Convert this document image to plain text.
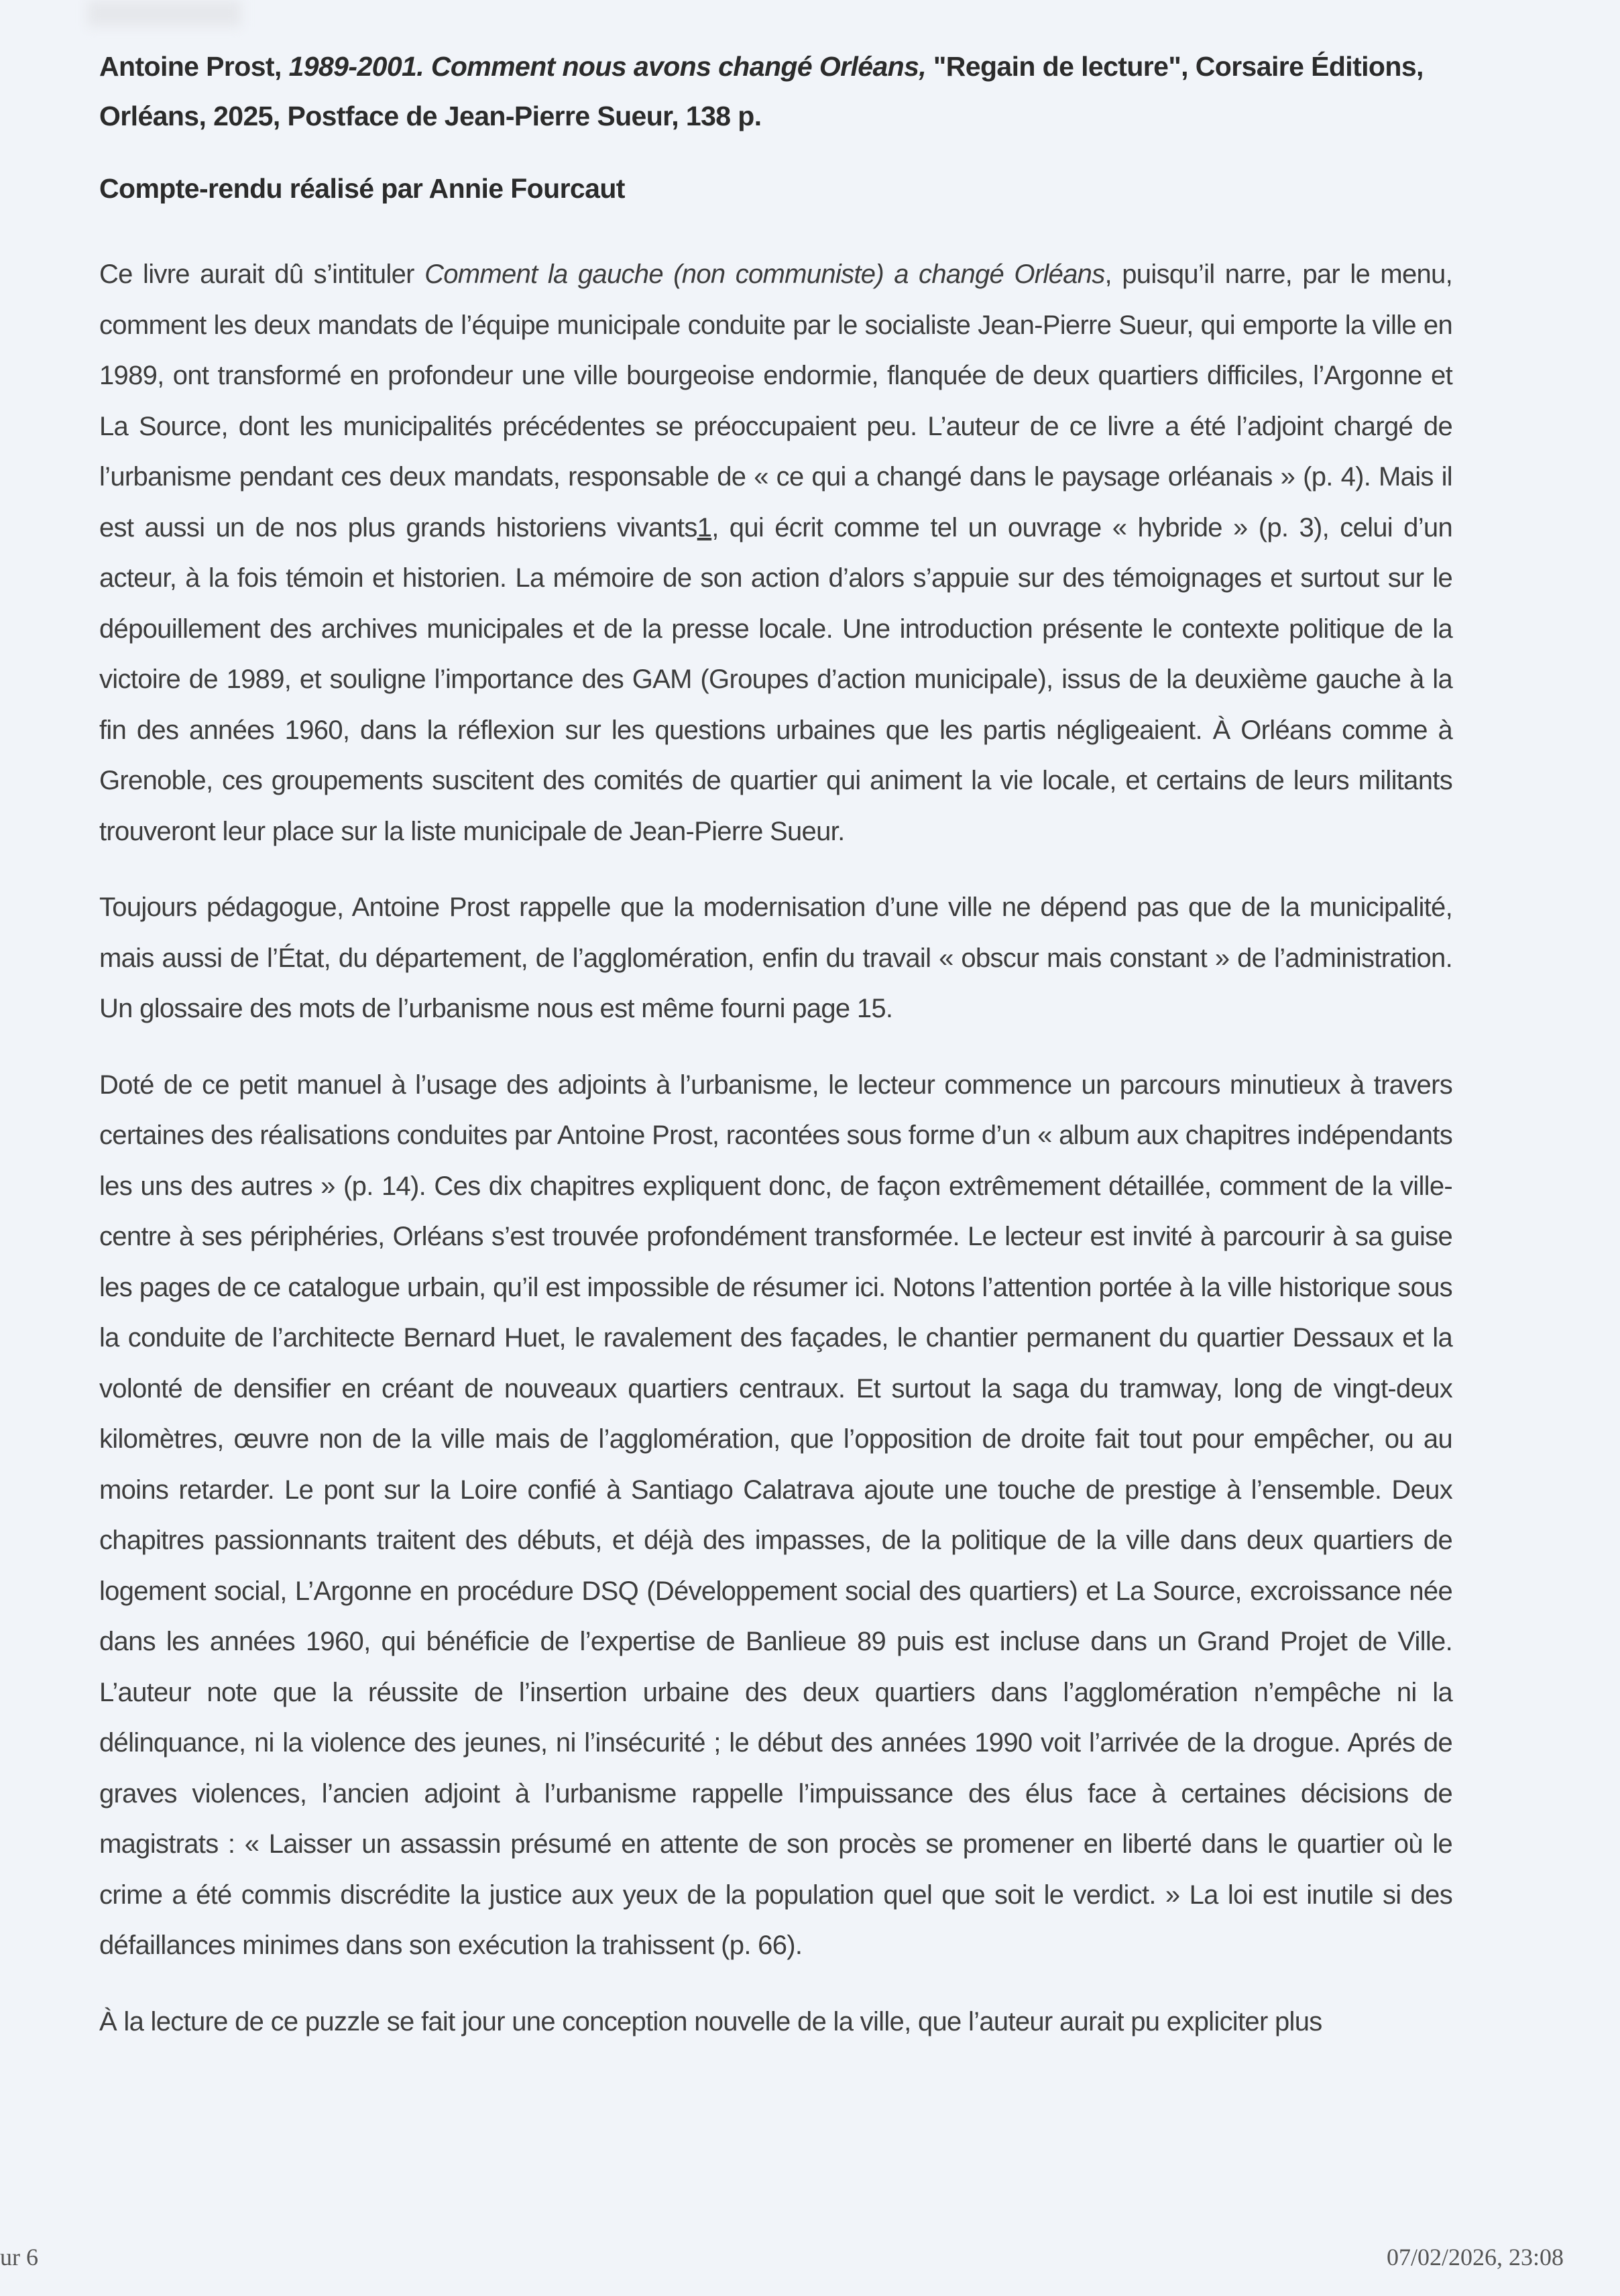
Antoine Prost, 1989-2001. Comment nous avons changé Orléans, "Regain de lecture", Corsaire Éditions, Orléans, 2025, Postface de Jean-Pierre Sueur, 138 p.
Compte-rendu réalisé par Annie Fourcaut

Ce livre aurait dû s’intituler Comment la gauche (non communiste) a changé Orléans, puisqu’il narre, par le menu, comment les deux mandats de l’équipe municipale conduite par le socialiste Jean-Pierre Sueur, qui emporte la ville en 1989, ont transformé en profondeur une ville bourgeoise endormie, flanquée de deux quartiers difficiles, l’Argonne et La Source, dont les municipalités précédentes se préoccupaient peu. L’auteur de ce livre a été l’adjoint chargé de l’urbanisme pendant ces deux mandats, responsable de « ce qui a changé dans le paysage orléanais » (p. 4). Mais il est aussi un de nos plus grands historiens vivants1, qui écrit comme tel un ouvrage « hybride » (p. 3), celui d’un acteur, à la fois témoin et historien. La mémoire de son action d’alors s’appuie sur des témoignages et surtout sur le dépouillement des archives municipales et de la presse locale. Une introduction présente le contexte politique de la victoire de 1989, et souligne l’importance des GAM (Groupes d’action municipale), issus de la deuxième gauche à la fin des années 1960, dans la réflexion sur les questions urbaines que les partis négligeaient. À Orléans comme à Grenoble, ces groupements suscitent des comités de quartier qui animent la vie locale, et certains de leurs militants trouveront leur place sur la liste municipale de Jean-Pierre Sueur.

Toujours pédagogue, Antoine Prost rappelle que la modernisation d’une ville ne dépend pas que de la municipalité, mais aussi de l’État, du département, de l’agglomération, enfin du travail « obscur mais constant » de l’administration. Un glossaire des mots de l’urbanisme nous est même fourni page 15.

Doté de ce petit manuel à l’usage des adjoints à l’urbanisme, le lecteur commence un parcours minutieux à travers certaines des réalisations conduites par Antoine Prost, racontées sous forme d’un « album aux chapitres indépendants les uns des autres » (p. 14). Ces dix chapitres expliquent donc, de façon extrêmement détaillée, comment de la ville-centre à ses périphéries, Orléans s’est trouvée profondément transformée. Le lecteur est invité à parcourir à sa guise les pages de ce catalogue urbain, qu’il est impossible de résumer ici. Notons l’attention portée à la ville historique sous la conduite de l’architecte Bernard Huet, le ravalement des façades, le chantier permanent du quartier Dessaux et la volonté de densifier en créant de nouveaux quartiers centraux. Et surtout la saga du tramway, long de vingt-deux kilomètres, œuvre non de la ville mais de l’agglomération, que l’opposition de droite fait tout pour empêcher, ou au moins retarder. Le pont sur la Loire confié à Santiago Calatrava ajoute une touche de prestige à l’ensemble. Deux chapitres passionnants traitent des débuts, et déjà des impasses, de la politique de la ville dans deux quartiers de logement social, L’Argonne en procédure DSQ (Développement social des quartiers) et La Source, excroissance née dans les années 1960, qui bénéficie de l’expertise de Banlieue 89 puis est incluse dans un Grand Projet de Ville. L’auteur note que la réussite de l’insertion urbaine des deux quartiers dans l’agglomération n’empêche ni la délinquance, ni la violence des jeunes, ni l’insécurité ; le début des années 1990 voit l’arrivée de la drogue. Aprés de graves violences, l’ancien adjoint à l’urbanisme rappelle l’impuissance des élus face à certaines décisions de magistrats : « Laisser un assassin présumé en attente de son procès se promener en liberté dans le quartier où le crime a été commis discrédite la justice aux yeux de la population quel que soit le verdict. » La loi est inutile si des défaillances minimes dans son exécution la trahissent (p. 66).

À la lecture de ce puzzle se fait jour une conception nouvelle de la ville, que l’auteur aurait pu expliciter plus

ur 6	07/02/2026, 23:08
